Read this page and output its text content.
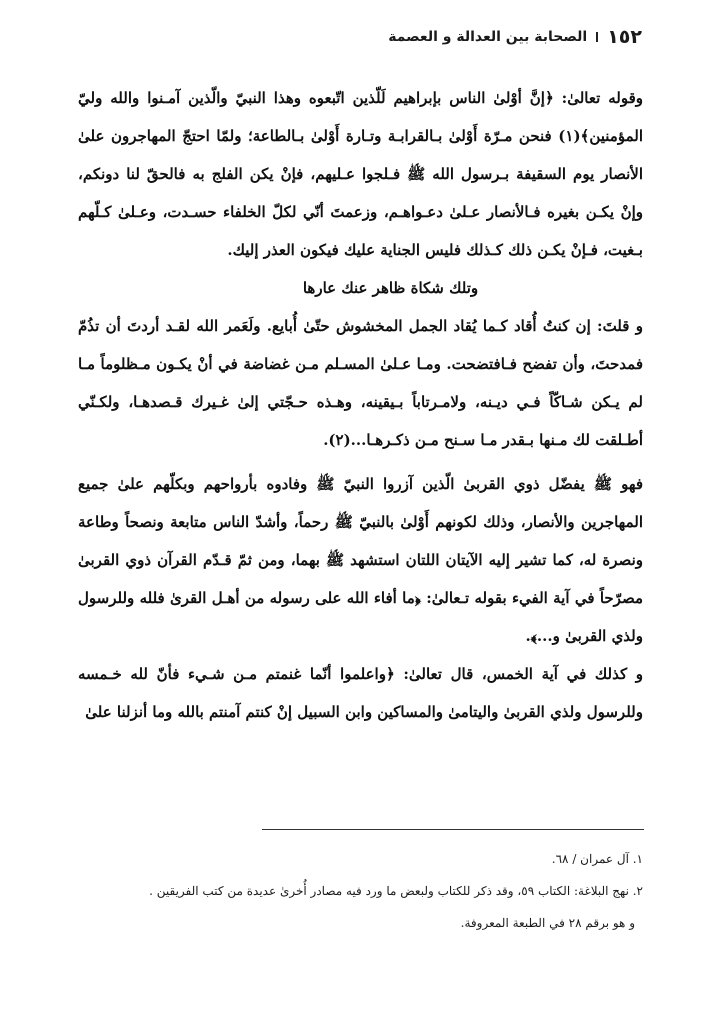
١٥٢
الصحابة بين العدالة و العصمة

وقوله تعالىٰ: ﴿إنَّ أوْلىٰ الناس بإبراهيم لَلّذين اتّبعوه وهذا النبيّ والّذين آمـنوا والله وليّ المؤمنين﴾(١) فنحن مـرّة أَوْلىٰ بـالقرابـة وتـارة أَوْلىٰ بـالطاعة؛ ولمّا احتجّ المهاجرون علىٰ الأنصار يوم السقيفة بـرسول الله ﷺ فـلجوا عـليهم، فإنْ يكن الفلج به فالحقّ لنا دونكم، وإنْ يكـن بغيره فـالأنصار عـلىٰ دعـواهـم، وزعمتَ أنّي لكلّ الخلفاء حسـدت، وعـلىٰ كـلّهم بـغيت، فـإنْ يكـن ذلك كـذلك فليس الجناية عليك فيكون العذر إليك.

وتلك شكاة ظاهر عنك عارها

و قلتَ: إن كنتُ أُقاد كـما يُقاد الجمل المخشوش حتّىٰ أُبايع. ولَعَمر الله لقـد أردتَ أن تذُمّ فمدحتَ، وأن تفضح فـافتضحت. ومـا عـلىٰ المسـلم مـن غضاضة في أنْ يكـون مـظلوماً مـا لم يـكن شـاكّاً فـي ديـنه، ولامـرتاباً بـيقينه، وهـذه حـجّتي إلىٰ غـيرك قـصدهـا، ولكـنّي أطـلقت لك مـنها بـقدر مـا سـنح مـن ذكـرهـا...(٢).

فهو ﷺ يفضّل ذوي القربىٰ الّذين آزروا النبيّ ﷺ وفادوه بأرواحهم وبكلّهم علىٰ جميع المهاجرين والأنصار، وذلك لكونهم أَوْلىٰ بالنبيّ ﷺ رحماً، وأشدّ الناس متابعة ونصحاً وطاعة ونصرة له، كما تشير إليه الآيتان اللتان استشهد ﷺ بهما، ومن ثمّ قـدّم القرآن ذوي القربىٰ مصرّحاً في آية الفيء بقوله تـعالىٰ: ﴿ما أفاء الله على رسوله من أهـل القرىٰ فلله وللرسول ولذي القربىٰ و...﴾.

و كذلك في آية الخمس، قال تعالىٰ: ﴿واعلموا أنّما غنمتم مـن شـيء فأنّ لله خـمسه وللرسول ولذي القربىٰ واليتامىٰ والمساكين وابن السبيل إنْ كنتم آمنتم بالله وما أنزلنا علىٰ

١. آل عمران / ٦٨.

٢. نهج البلاغة: الكتاب ٥٩، وقد ذكر للكتاب ولبعض ما ورد فيه مصادر أُخرىٰ عديدة من كتب الفريقين .

و هو برقم ٢٨ في الطبعة المعروفة.
